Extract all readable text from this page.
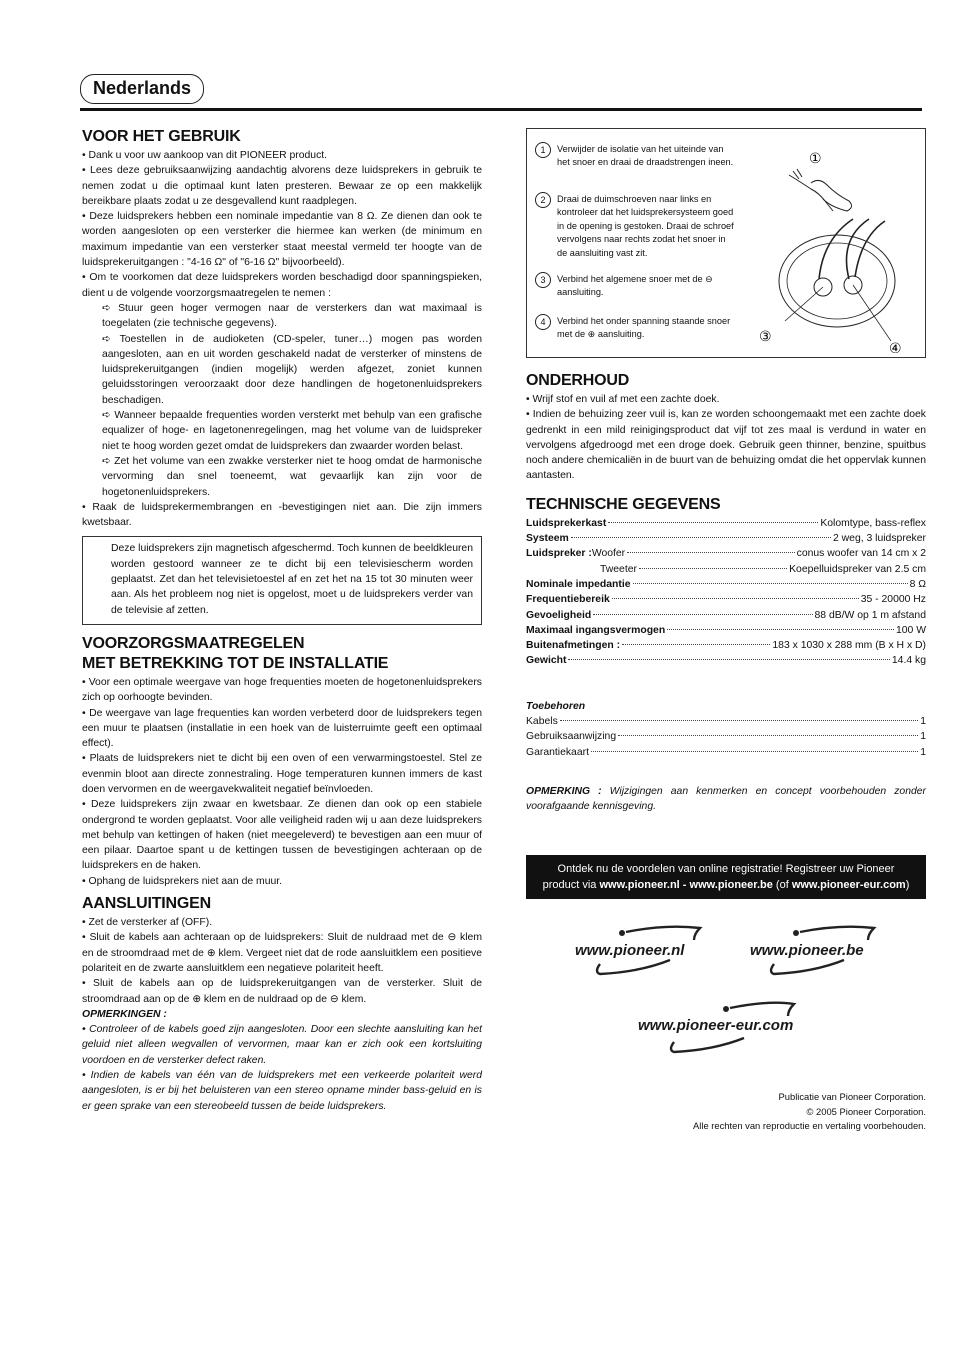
Nederlands
VOOR HET GEBRUIK

• Dank u voor uw aankoop van dit PIONEER product.

• Lees deze gebruiksaanwijzing aandachtig alvorens deze luidsprekers in gebruik te nemen zodat u die optimaal kunt laten presteren. Bewaar ze op een makkelijk bereikbare plaats zodat u ze desgevallend kunt raadplegen.

• Deze luidsprekers hebben een nominale impedantie van 8 Ω. Ze dienen dan ook te worden aangesloten op een versterker die hiermee kan werken (de minimum en maximum impedantie van een versterker staat meestal vermeld ter hoogte van de luidsprekeruitgangen : "4-16 Ω" of "6-16 Ω" bijvoorbeeld).

• Om te voorkomen dat deze luidsprekers worden beschadigd door spanningspieken, dient u de volgende voorzorgsmaatregelen te nemen :

➪ Stuur geen hoger vermogen naar de versterkers dan wat maximaal is toegelaten (zie technische gegevens).

➪ Toestellen in de audioketen (CD-speler, tuner…) mogen pas worden aangesloten, aan en uit worden geschakeld nadat de versterker of minstens de luidsprekeruitgangen (indien mogelijk) werden afgezet, zoniet kunnen geluidsstoringen veroorzaakt door deze handlingen de hogetonenluidsprekers beschadigen.

➪ Wanneer bepaalde frequenties worden versterkt met behulp van een grafische equalizer of hoge- en lagetonenregelingen, mag het volume van de luidspreker niet te hoog worden gezet omdat de luidsprekers dan zwaarder worden belast.

➪ Zet het volume van een zwakke versterker niet te hoog omdat de harmonische vervorming dan snel toeneemt, wat gevaarlijk kan zijn voor de hogetonenluidsprekers.

• Raak de luidsprekermembrangen en -bevestigingen niet aan. Die zijn immers kwetsbaar.

Deze luidsprekers zijn magnetisch afgeschermd. Toch kunnen de beeldkleuren worden gestoord wanneer ze te dicht bij een televisiescherm worden geplaatst. Zet dan het televisietoestel af en zet het na 15 tot 30 minuten weer aan. Als het probleem nog niet is opgelost, moet u de luidsprekers verder van de televisie af zetten.

VOORZORGSMAATREGELEN
MET BETREKKING TOT DE INSTALLATIE

• Voor een optimale weergave van hoge frequenties moeten de hogetonenluidsprekers zich op oorhoogte bevinden.

• De weergave van lage frequenties kan worden verbeterd door de luidsprekers tegen een muur te plaatsen (installatie in een hoek van de luisterruimte geeft een optimaal effect).

• Plaats de luidsprekers niet te dicht bij een oven of een verwarmingstoestel. Stel ze evenmin bloot aan directe zonnestraling. Hoge temperaturen kunnen immers de kast doen vervormen en de weergavekwaliteit negatief beïnvloeden.

• Deze luidsprekers zijn zwaar en kwetsbaar. Ze dienen dan ook op een stabiele ondergrond te worden geplaatst. Voor alle veiligheid raden wij u aan deze luidsprekers met behulp van kettingen of haken (niet meegeleverd) te bevestigen aan een muur of een pilaar. Daartoe spant u de kettingen tussen de bevestigingen achteraan op de luidsprekers en de haken.

• Ophang de luidsprekers niet aan de muur.

AANSLUITINGEN

• Zet de versterker af (OFF).

• Sluit de kabels aan achteraan op de luidsprekers: Sluit de nuldraad met de ⊖ klem en de stroomdraad met de ⊕ klem. Vergeet niet dat de rode aansluitklem een positieve polariteit en de zwarte aansluitklem een negatieve polariteit heeft.

• Sluit de kabels aan op de luidsprekeruitgangen van de versterker. Sluit de stroomdraad aan op de ⊕ klem en de nuldraad op de ⊖ klem.

OPMERKINGEN :

• Controleer of de kabels goed zijn aangesloten. Door een slechte aansluiting kan het geluid niet alleen wegvallen of vervormen, maar kan er zich ook een kortsluiting voordoen en de versterker defect raken.

• Indien de kabels van één van de luidsprekers met een verkeerde polariteit werd aangesloten, is er bij het beluisteren van een stereo opname minder bass-geluid en is er geen sprake van een stereobeeld tussen de beide luidsprekers.

1	Verwijder de isolatie van het uiteinde van het snoer en draai de draadstrengen ineen.
2	Draai de duimschroeven naar links en kontroleer dat het luidsprekersysteem goed in de opening is gestoken. Draai de schroef vervolgens naar rechts zodat het snoer in de aansluiting vast zit.
3	Verbind het algemene snoer met de ⊖ aansluiting.
4	Verbind het onder spanning staande snoer met de ⊕ aansluiting.
①
③
④
ONDERHOUD

• Wrijf stof en vuil af met een zachte doek.

• Indien de behuizing zeer vuil is, kan ze worden schoongemaakt met een zachte doek gedrenkt in een mild reinigingsproduct dat vijf tot zes maal is verdund in water en vervolgens afgedroogd met een droge doek. Gebruik geen thinner, benzine, spuitbus noch andere chemicaliën in de buurt van de behuizing omdat die het oppervlak kunnen aantasten.

TECHNISCHE GEGEVENS
Luidsprekerkast	Kolomtype, bass-reflex
Systeem	2 weg, 3 luidspreker
Luidspreker : Woofer	conus woofer van 14 cm x 2
Tweeter	Koepelluidspreker van 2.5 cm
Nominale impedantie	8 Ω
Frequentiebereik	35 - 20000 Hz
Gevoeligheid	88 dB/W op 1 m afstand
Maximaal ingangsvermogen	100 W
Buitenafmetingen :	183 x 1030 x 288 mm (B x H x D)
Gewicht	14.4 kg

Toebehoren

Kabels	1
Gebruiksaanwijzing	1
Garantiekaart	1

OPMERKING : Wijzigingen aan kenmerken en concept voorbehouden zonder voorafgaande kennisgeving.

Ontdek nu de voordelen van online registratie! Registreer uw Pioneer
product via www.pioneer.nl - www.pioneer.be (of www.pioneer-eur.com)
www.pioneer.nl	www.pioneer.be
www.pioneer-eur.com
Publicatie van Pioneer Corporation.
© 2005 Pioneer Corporation.
Alle rechten van reproductie en vertaling voorbehouden.
